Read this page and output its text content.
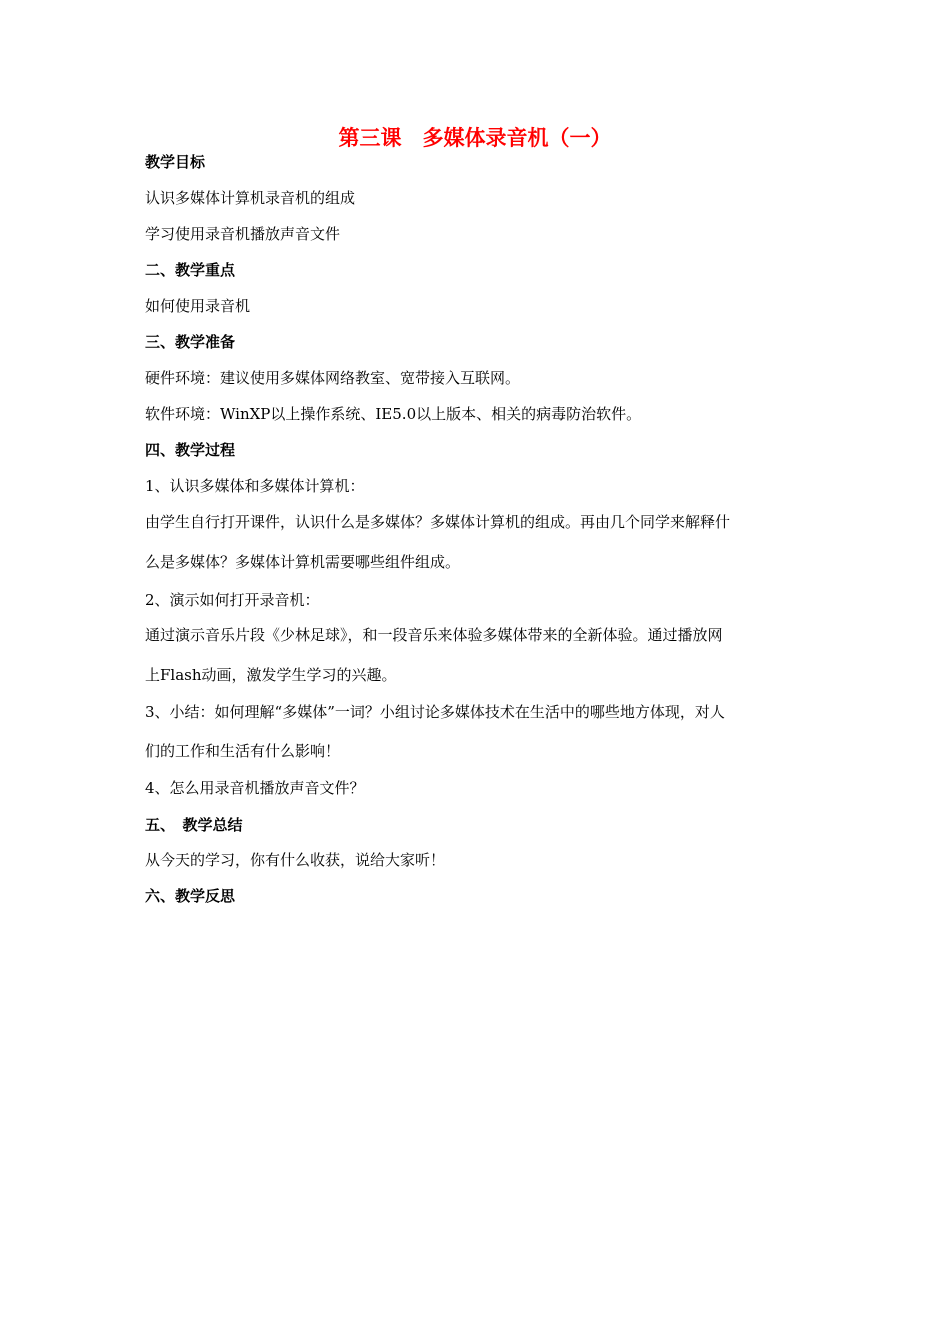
第三课　多媒体录音机（一）
教学目标
认识多媒体计算机录音机的组成
学习使用录音机播放声音文件
二、教学重点
如何使用录音机
三、教学准备
硬件环境：建议使用多媒体网络教室、宽带接入互联网。
软件环境：WinXP以上操作系统、IE5.0以上版本、相关的病毒防治软件。
四、教学过程
1、认识多媒体和多媒体计算机：
由学生自行打开课件，认识什么是多媒体？多媒体计算机的组成。再由几个同学来解释什
么是多媒体？多媒体计算机需要哪些组件组成。
2、演示如何打开录音机：
通过演示音乐片段《少林足球》，和一段音乐来体验多媒体带来的全新体验。通过播放网
上Flash动画，激发学生学习的兴趣。
3、小结：如何理解“多媒体”一词？小组讨论多媒体技术在生活中的哪些地方体现，对人
们的工作和生活有什么影响！
4、怎么用录音机播放声音文件？
五、　教学总结
从今天的学习，你有什么收获，说给大家听！
六、教学反思
